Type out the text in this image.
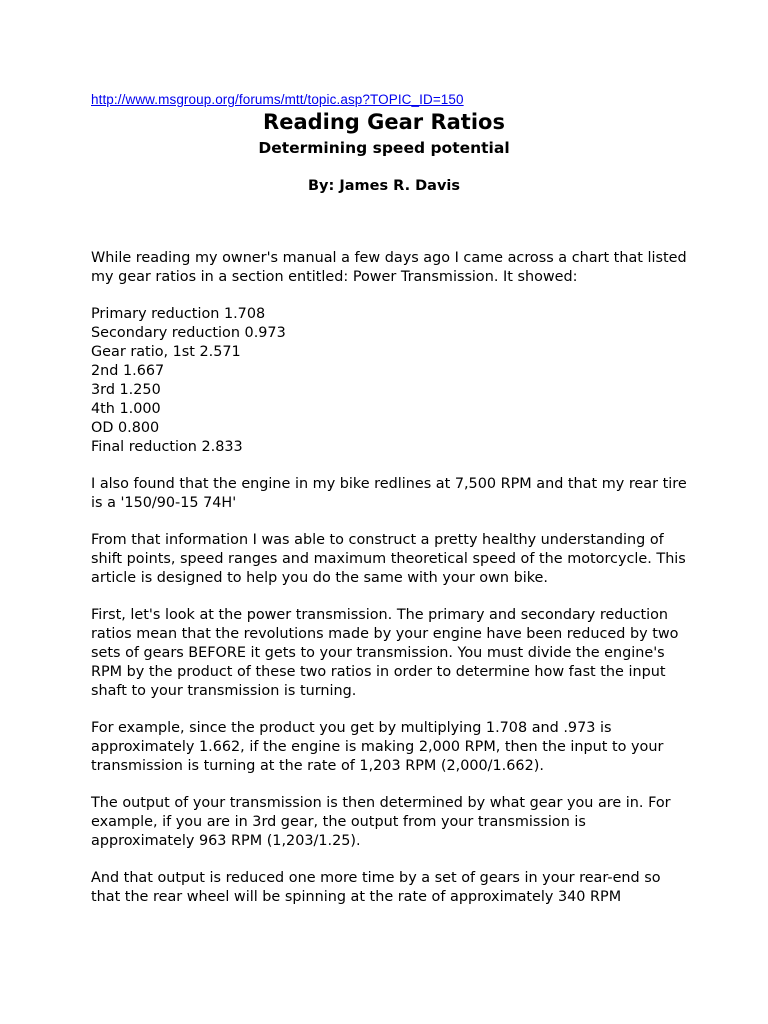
http://www.msgroup.org/forums/mtt/topic.asp?TOPIC_ID=150
Reading Gear Ratios
Determining speed potential
By: James R. Davis

While reading my owner's manual a few days ago I came across a chart that listed my gear ratios in a section entitled: Power Transmission. It showed:

Primary reduction 1.708
Secondary reduction 0.973
Gear ratio, 1st 2.571
2nd 1.667
3rd 1.250
4th 1.000
OD 0.800
Final reduction 2.833

I also found that the engine in my bike redlines at 7,500 RPM and that my rear tire is a '150/90-15 74H'

From that information I was able to construct a pretty healthy understanding of shift points, speed ranges and maximum theoretical speed of the motorcycle. This article is designed to help you do the same with your own bike.

First, let's look at the power transmission. The primary and secondary reduction ratios mean that the revolutions made by your engine have been reduced by two sets of gears BEFORE it gets to your transmission. You must divide the engine's RPM by the product of these two ratios in order to determine how fast the input shaft to your transmission is turning.

For example, since the product you get by multiplying 1.708 and .973 is approximately 1.662, if the engine is making 2,000 RPM, then the input to your transmission is turning at the rate of 1,203 RPM (2,000/1.662).

The output of your transmission is then determined by what gear you are in. For example, if you are in 3rd gear, the output from your transmission is approximately 963 RPM (1,203/1.25).

And that output is reduced one more time by a set of gears in your rear-end so that the rear wheel will be spinning at the rate of approximately 340 RPM
